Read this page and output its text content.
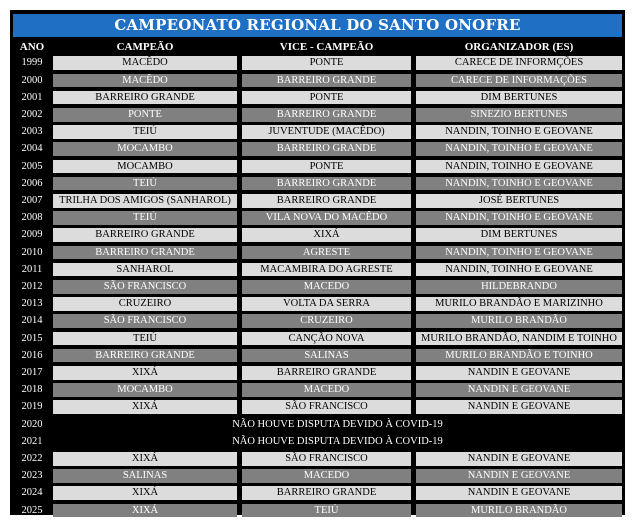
CAMPEONATO REGIONAL DO SANTO ONOFRE
ANO	CAMPEÃO	VICE - CAMPEÃO	ORGANIZADOR (ES)
1999	MACÊDO	PONTE	CARECE DE INFORMÇÕES
2000	MACÊDO	BARREIRO GRANDE	CARECE DE INFORMAÇÕES
2001	BARREIRO GRANDE	PONTE	DIM BERTUNES
2002	PONTE	BARREIRO GRANDE	SINEZIO BERTUNES
2003	TEIÚ	JUVENTUDE (MACÊDO)	NANDIN, TOINHO E GEOVANE
2004	MOCAMBO	BARREIRO GRANDE	NANDIN, TOINHO E GEOVANE
2005	MOCAMBO	PONTE	NANDIN, TOINHO E GEOVANE
2006	TEIÚ	BARREIRO GRANDE	NANDIN, TOINHO E GEOVANE
2007	TRILHA DOS AMIGOS (SANHAROL)	BARREIRO GRANDE	JOSÉ BERTUNES
2008	TEIÚ	VILA NOVA DO MACÊDO	NANDIN, TOINHO E GEOVANE
2009	BARREIRO GRANDE	XIXÁ	DIM BERTUNES
2010	BARREIRO GRANDE	AGRESTE	NANDIN, TOINHO E GEOVANE
2011	SANHAROL	MACAMBIRA DO AGRESTE	NANDIN, TOINHO E GEOVANE
2012	SÃO FRANCISCO	MACEDO	HILDEBRANDO
2013	CRUZEIRO	VOLTA DA SERRA	MURILO BRANDÃO E MARIZINHO
2014	SÃO FRANCISCO	CRUZEIRO	MURILO BRANDÃO
2015	TEIÚ	CANÇÃO NOVA	MURILO BRANDÃO, NANDIM E TOINHO
2016	BARREIRO GRANDE	SALINAS	MURILO BRANDÃO E TOINHO
2017	XIXÁ	BARREIRO GRANDE	NANDIN E GEOVANE
2018	MOCAMBO	MACEDO	NANDIN E GEOVANE
2019	XIXÁ	SÃO FRANCISCO	NANDIN E GEOVANE
2020	NÃO HOUVE DISPUTA DEVIDO À COVID-19
2021	NÃO HOUVE DISPUTA DEVIDO À COVID-19
2022	XIXÁ	SÃO FRANCISCO	NANDIN E GEOVANE
2023	SALINAS	MACEDO	NANDIN E GEOVANE
2024	XIXÁ	BARREIRO GRANDE	NANDIN E GEOVANE
2025	XIXÁ	TEIÚ	MURILO BRANDÃO
